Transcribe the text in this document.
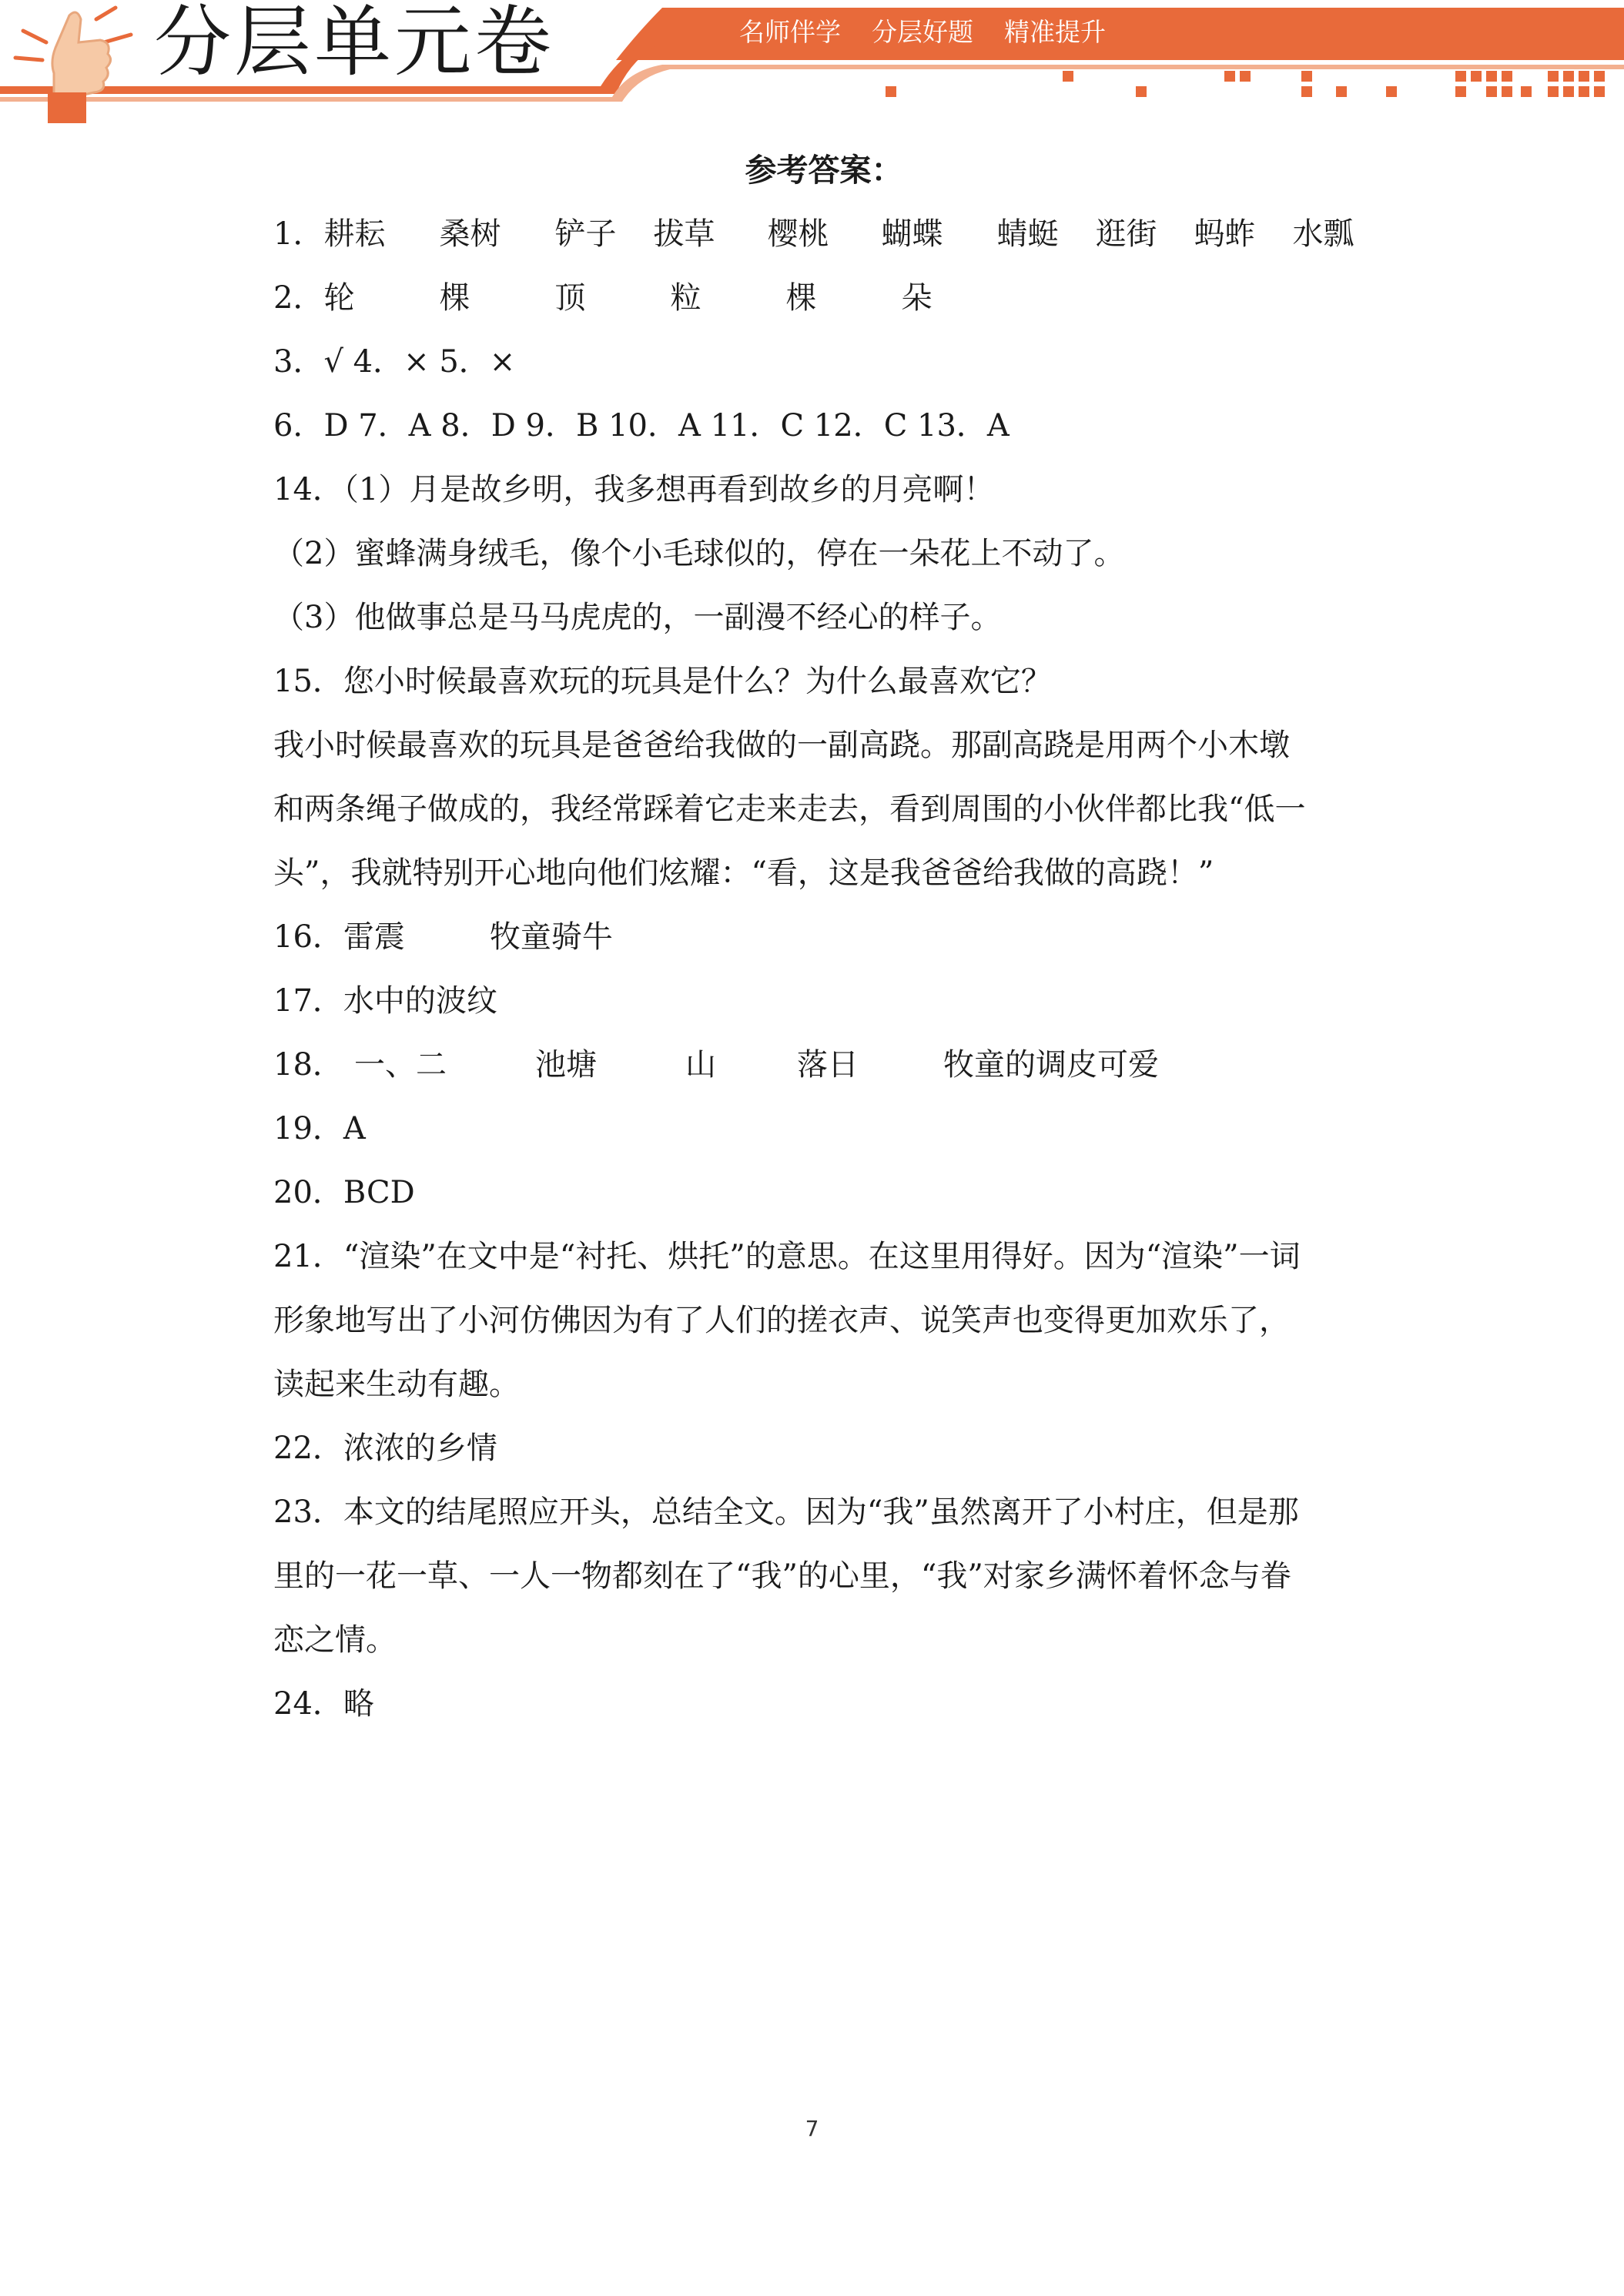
分层单元卷	名师伴学 分层好题 精准提升
参考答案：
1．耕耘 桑树 铲子 拔草 樱桃 蝴蝶 蜻蜓 逛街 蚂蚱 水瓢
2．轮	棵	顶	粒	棵	朵
3．√ 4．× 5．×
6．D 7．A 8．D 9．B 10．A 11．C 12．C 13．A
14．（1）月是故乡明，我多想再看到故乡的月亮啊！
（2）蜜蜂满身绒毛，像个小毛球似的，停在一朵花上不动了。
（3）他做事总是马马虎虎的，一副漫不经心的样子。
15．您小时候最喜欢玩的玩具是什么？为什么最喜欢它？
我小时候最喜欢的玩具是爸爸给我做的一副高跷。那副高跷是用两个小木墩
和两条绳子做成的，我经常踩着它走来走去，看到周围的小伙伴都比我“低一
头”，我就特别开心地向他们炫耀：“看，这是我爸爸给我做的高跷！”
16．雷震	牧童骑牛
17．水中的波纹
18． 一、二	池塘	山	落日	牧童的调皮可爱
19．A
20．BCD
21．“渲染”在文中是“衬托、烘托”的意思。在这里用得好。因为“渲染”一词
形象地写出了小河仿佛因为有了人们的搓衣声、说笑声也变得更加欢乐了，
读起来生动有趣。
22．浓浓的乡情
23．本文的结尾照应开头，总结全文。因为“我”虽然离开了小村庄，但是那
里的一花一草、一人一物都刻在了“我”的心里，“我”对家乡满怀着怀念与眷
恋之情。
24．略
7
